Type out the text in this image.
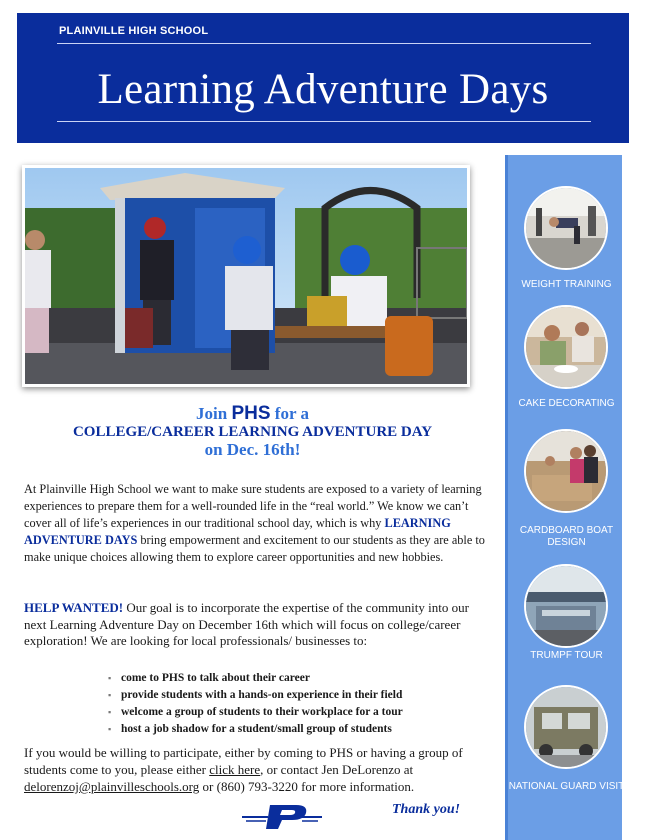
PLAINVILLE HIGH SCHOOL
Learning Adventure Days
Join PHS for a
COLLEGE/CAREER LEARNING ADVENTURE DAY
on Dec. 16th!
At Plainville High School we want to make sure students are exposed to a variety of learning experiences to prepare them for a well-rounded life in the “real world.” We know we can’t cover all of life’s experiences in our traditional school day, which is why LEARNING ADVENTURE DAYS bring empowerment and excitement to our students as they are able to make unique choices allowing them to explore career opportunities and new hobbies.
HELP WANTED! Our goal is to incorporate the expertise of the community into our next Learning Adventure Day on December 16th which will focus on college/career exploration! We are looking for local professionals/ businesses to:
▪ come to PHS to talk about their career
▪ provide students with a hands-on experience in their field
▪ welcome a group of students to their workplace for a tour
▪ host a job shadow for a student/small group of students
If you would be willing to participate, either by coming to PHS or having a group of students come to you, please either click here, or contact Jen DeLorenzo at delorenzoj@plainvilleschools.org or (860) 793-3220 for more information.
Thank you!
WEIGHT TRAINING
CAKE DECORATING
CARDBOARD BOAT DESIGN
TRUMPF TOUR
NATIONAL GUARD VISIT
